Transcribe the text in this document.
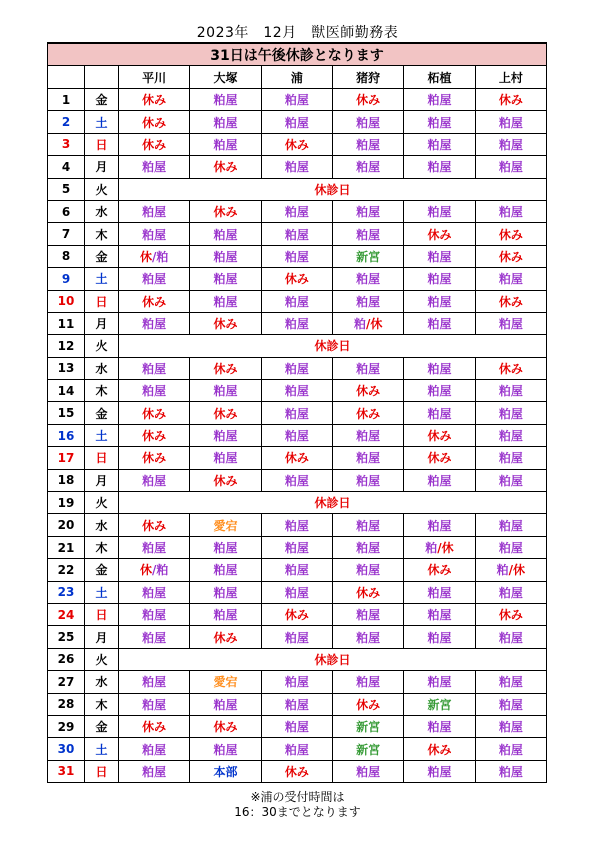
2023年　12月　獣医師勤務表
31日は午後休診となります							
		平川	大塚	浦	猪狩	柘植	上村
1	金	休み	粕屋	粕屋	休み	粕屋	休み
2	土	休み	粕屋	粕屋	粕屋	粕屋	粕屋
3	日	休み	粕屋	休み	粕屋	粕屋	粕屋
4	月	粕屋	休み	粕屋	粕屋	粕屋	粕屋
5	火	休診日					
6	水	粕屋	休み	粕屋	粕屋	粕屋	粕屋
7	木	粕屋	粕屋	粕屋	粕屋	休み	休み
8	金	休/粕	粕屋	粕屋	新宮	粕屋	休み
9	土	粕屋	粕屋	休み	粕屋	粕屋	粕屋
10	日	休み	粕屋	粕屋	粕屋	粕屋	休み
11	月	粕屋	休み	粕屋	粕/休	粕屋	粕屋
12	火	休診日					
13	水	粕屋	休み	粕屋	粕屋	粕屋	休み
14	木	粕屋	粕屋	粕屋	休み	粕屋	粕屋
15	金	休み	休み	粕屋	休み	粕屋	粕屋
16	土	休み	粕屋	粕屋	粕屋	休み	粕屋
17	日	休み	粕屋	休み	粕屋	休み	粕屋
18	月	粕屋	休み	粕屋	粕屋	粕屋	粕屋
19	火	休診日					
20	水	休み	愛宕	粕屋	粕屋	粕屋	粕屋
21	木	粕屋	粕屋	粕屋	粕屋	粕/休	粕屋
22	金	休/粕	粕屋	粕屋	粕屋	休み	粕/休
23	土	粕屋	粕屋	粕屋	休み	粕屋	粕屋
24	日	粕屋	粕屋	休み	粕屋	粕屋	休み
25	月	粕屋	休み	粕屋	粕屋	粕屋	粕屋
26	火	休診日					
27	水	粕屋	愛宕	粕屋	粕屋	粕屋	粕屋
28	木	粕屋	粕屋	粕屋	休み	新宮	粕屋
29	金	休み	休み	粕屋	新宮	粕屋	粕屋
30	土	粕屋	粕屋	粕屋	新宮	休み	粕屋
31	日	粕屋	本部	休み	粕屋	粕屋	粕屋
※浦の受付時間は
16：30までとなります
